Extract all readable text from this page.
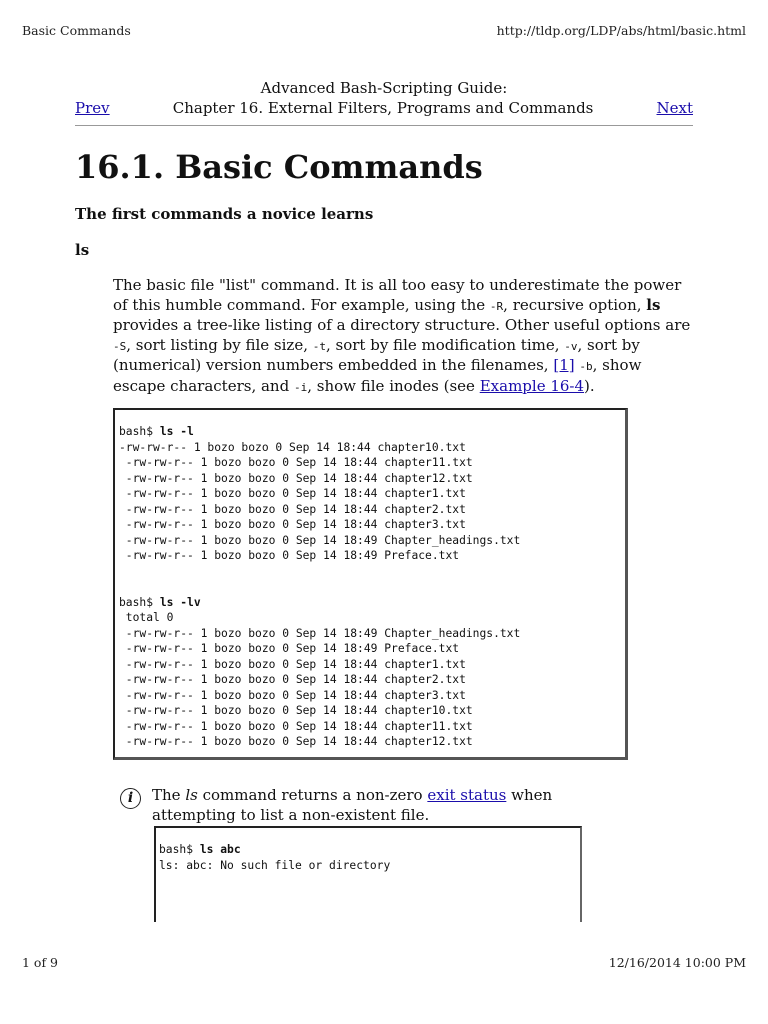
Basic Commands	http://tldp.org/LDP/abs/html/basic.html
Advanced Bash-Scripting Guide:
Prev	Chapter 16. External Filters, Programs and Commands	Next
16.1. Basic Commands
The first commands a novice learns
ls
The basic file "list" command. It is all too easy to underestimate the power of this humble command. For example, using the -R, recursive option, ls provides a tree-like listing of a directory structure. Other useful options are -S, sort listing by file size, -t, sort by file modification time, -v, sort by (numerical) version numbers embedded in the filenames, [1] -b, show escape characters, and -i, show file inodes (see Example 16-4).
bash$ ls -l
-rw-rw-r-- 1 bozo bozo 0 Sep 14 18:44 chapter10.txt
-rw-rw-r-- 1 bozo bozo 0 Sep 14 18:44 chapter11.txt
-rw-rw-r-- 1 bozo bozo 0 Sep 14 18:44 chapter12.txt
-rw-rw-r-- 1 bozo bozo 0 Sep 14 18:44 chapter1.txt
-rw-rw-r-- 1 bozo bozo 0 Sep 14 18:44 chapter2.txt
-rw-rw-r-- 1 bozo bozo 0 Sep 14 18:44 chapter3.txt
-rw-rw-r-- 1 bozo bozo 0 Sep 14 18:49 Chapter_headings.txt
-rw-rw-r-- 1 bozo bozo 0 Sep 14 18:49 Preface.txt

bash$ ls -lv
total 0
-rw-rw-r-- 1 bozo bozo 0 Sep 14 18:49 Chapter_headings.txt
-rw-rw-r-- 1 bozo bozo 0 Sep 14 18:49 Preface.txt
-rw-rw-r-- 1 bozo bozo 0 Sep 14 18:44 chapter1.txt
-rw-rw-r-- 1 bozo bozo 0 Sep 14 18:44 chapter2.txt
-rw-rw-r-- 1 bozo bozo 0 Sep 14 18:44 chapter3.txt
-rw-rw-r-- 1 bozo bozo 0 Sep 14 18:44 chapter10.txt
-rw-rw-r-- 1 bozo bozo 0 Sep 14 18:44 chapter11.txt
-rw-rw-r-- 1 bozo bozo 0 Sep 14 18:44 chapter12.txt
i	The ls command returns a non-zero exit status when attempting to list a non-existent file.
bash$ ls abc
ls: abc: No such file or directory
1 of 9	12/16/2014 10:00 PM
